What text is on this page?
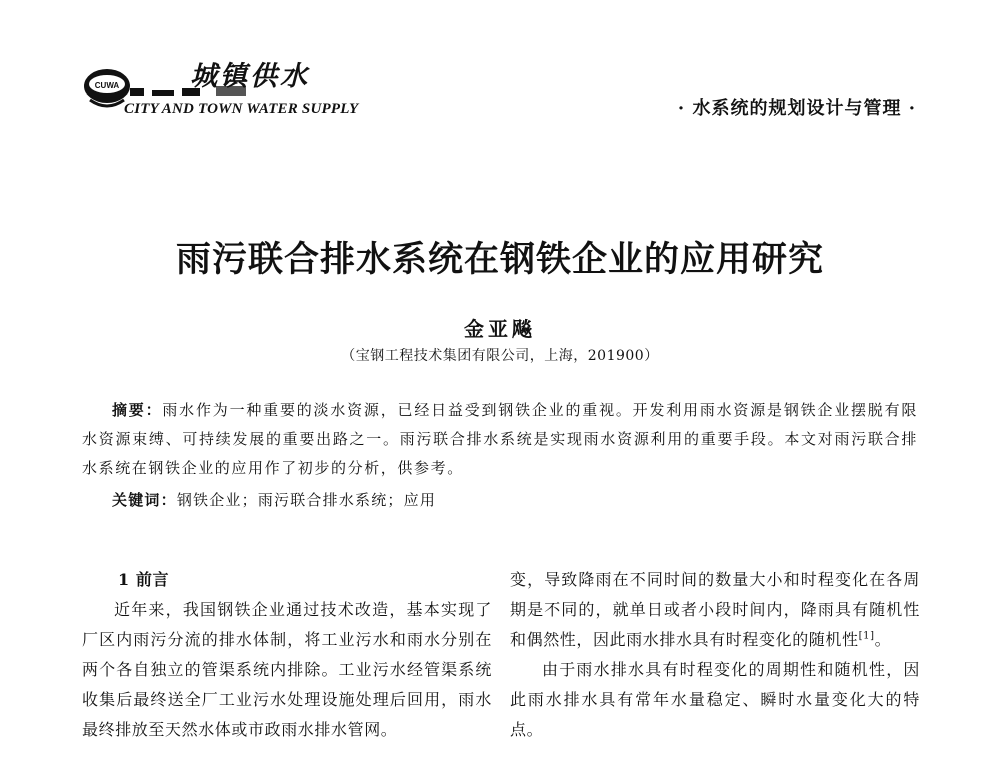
CUWA	城镇供水
CITY AND TOWN WATER SUPPLY	· 水系统的规划设计与管理 ·
雨污联合排水系统在钢铁企业的应用研究
金亚飚
（宝钢工程技术集团有限公司，上海，201900）
摘要：雨水作为一种重要的淡水资源，已经日益受到钢铁企业的重视。开发利用雨水资源是钢铁企业摆脱有限水资源束缚、可持续发展的重要出路之一。雨污联合排水系统是实现雨水资源利用的重要手段。本文对雨污联合排水系统在钢铁企业的应用作了初步的分析，供参考。
关键词：钢铁企业；雨污联合排水系统；应用

1 前言

近年来，我国钢铁企业通过技术改造，基本实现了厂区内雨污分流的排水体制，将工业污水和雨水分别在两个各自独立的管渠系统内排除。工业污水经管渠系统收集后最终送全厂工业污水处理设施处理后回用，雨水最终排放至天然水体或市政雨水排水管网。

变，导致降雨在不同时间的数量大小和时程变化在各周期是不同的，就单日或者小段时间内，降雨具有随机性和偶然性，因此雨水排水具有时程变化的随机性[1]。

由于雨水排水具有时程变化的周期性和随机性，因此雨水排水具有常年水量稳定、瞬时水量变化大的特点。
